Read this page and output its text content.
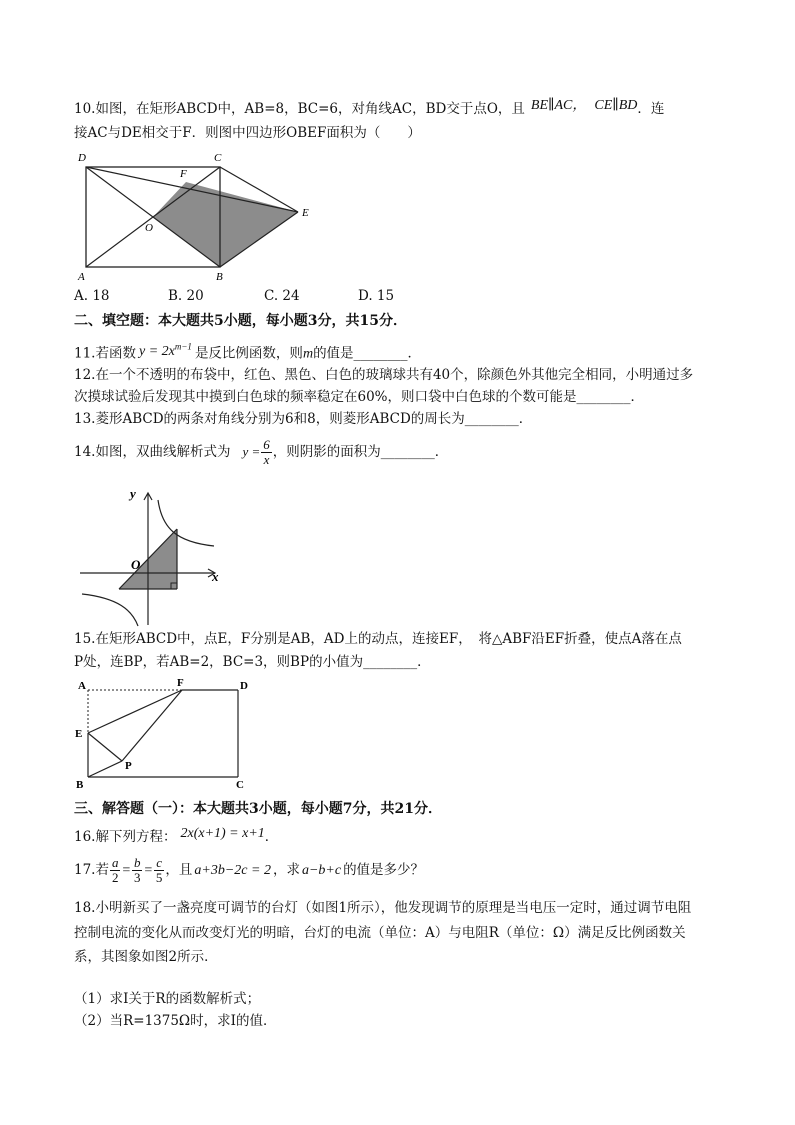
10.如图，在矩形ABCD中，AB=8，BC=6，对角线AC，BD交于点O，且 BE∥AC， CE∥BD．连
接AC与DE相交于F．则图中四边形OBEF面积为（　　）
D	C
F
O
E
A	B
A. 18	B. 20	C. 24	D. 15
二、填空题：本大题共5小题，每小题3分，共15分．
11.若函数 $y = 2x^{m-1}$ 是反比例函数，则m的值是________．
12.在一个不透明的布袋中，红色、黑色、白色的玻璃球共有40个，除颜色外其他完全相同，小明通过多
次摸球试验后发现其中摸到白色球的频率稳定在60%，则口袋中白色球的个数可能是________．
13.菱形ABCD的两条对角线分别为6和8，则菱形ABCD的周长为________．
14.如图，双曲线解析式为 $y = \frac{6}{x}$ ，则阴影的面积为________．
y
x
O
15.在矩形ABCD中，点E，F分别是AB，AD上的动点，连接EF，　将△ABF沿EF折叠，使点A落在点
P处，连BP，若AB=2，BC=3，则BP的小值为________．
A	F	D
E
P
B	C
三、解答题（一）：本大题共3小题，每小题7分，共21分．
16.解下列方程： 2x(x+1) = x+1．
17.若 $\frac{a}{2} = \frac{b}{3} = \frac{c}{5}$ ，且 a+3b−2c = 2 ，求 a−b+c 的值是多少？
18.小明新买了一盏亮度可调节的台灯（如图1所示），他发现调节的原理是当电压一定时，通过调节电阻
控制电流的变化从而改变灯光的明暗，台灯的电流（单位：A）与电阻R（单位：Ω）满足反比例函数关
系，其图象如图2所示．
（1）求I关于R的函数解析式；
（2）当R=1375Ω时，求I的值．
